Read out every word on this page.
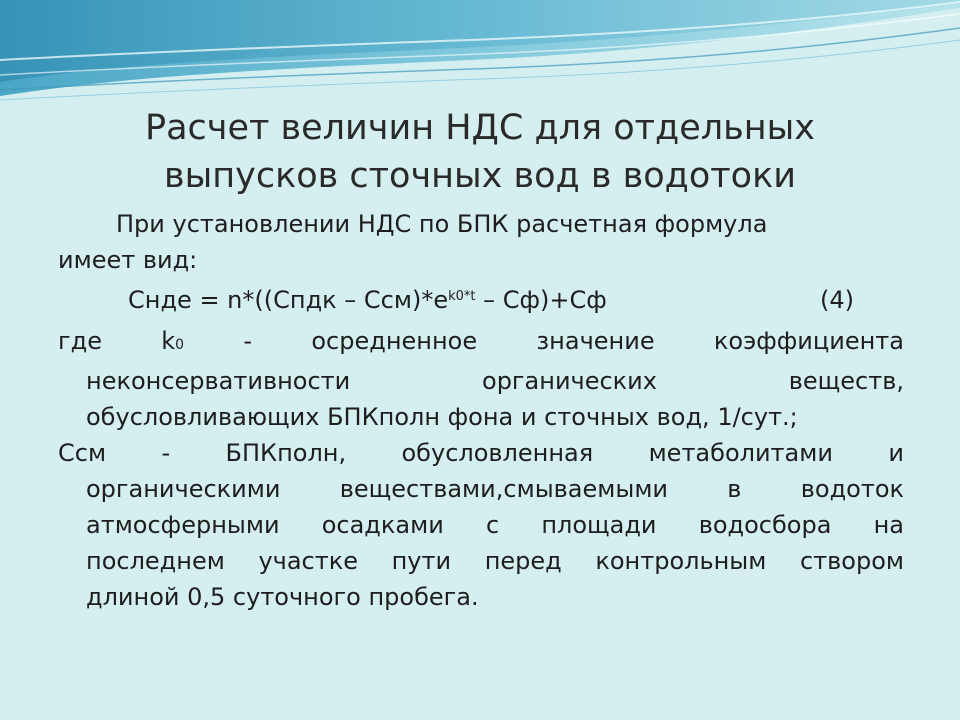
Расчет величин НДС для отдельных
выпусков сточных вод в водотоки

При установлении НДС по БПК расчетная формула

имеет вид:

Снде = n*((Спдк – $Ссм)*е^{k0*t} - Сф)+Сф$	(4)
где k0 - осредненное значение коэффициента
неконсервативности	органических	веществ,
обусловливающих БПКполн фона и сточных вод, 1/сут.;
Ссм - БПКполн, обусловленная метаболитами и
органическими веществами,смываемыми в водоток
атмосферными осадками с площади водосбора на
последнем участке пути перед контрольным створом
длиной 0,5 суточного пробега.
